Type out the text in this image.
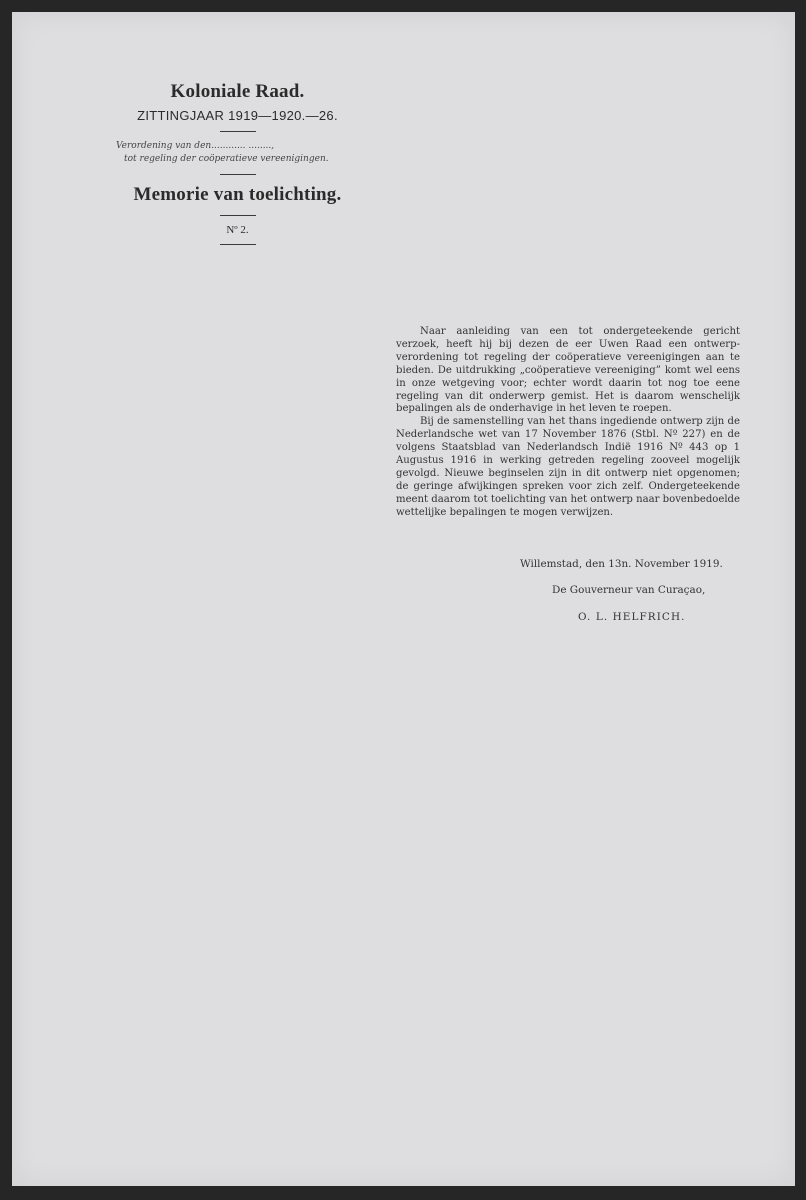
Koloniale Raad.

ZITTINGJAAR 1919—1920.—26.

Verordening van den............ ........,
tot regeling der coöperatieve vereenigingen.

Memorie van toelichting.

Nº 2.

Naar aanleiding van een tot ondergeteekende gericht verzoek, heeft hij bij dezen de eer Uwen Raad een ontwerp-verordening tot regeling der coöperatieve vereenigingen aan te bieden. De uitdrukking „coöperatieve vereeniging” komt wel eens in onze wetgeving voor; echter wordt daarin tot nog toe eene regeling van dit onderwerp gemist. Het is daarom wenschelijk bepalingen als de onderhavige in het leven te roepen.

Bij de samenstelling van het thans ingediende ontwerp zijn de Nederlandsche wet van 17 November 1876 (Stbl. Nº 227) en de volgens Staatsblad van Nederlandsch Indië 1916 Nº 443 op 1 Augustus 1916 in werking getreden regeling zooveel mogelijk gevolgd. Nieuwe beginselen zijn in dit ontwerp niet opgenomen; de geringe afwijkingen spreken voor zich zelf. Ondergeteekende meent daarom tot toelichting van het ontwerp naar bovenbedoelde wettelijke bepalingen te mogen verwijzen.

Willemstad, den 13n. November 1919.
De Gouverneur van Curaçao,
O. L. HELFRICH.
